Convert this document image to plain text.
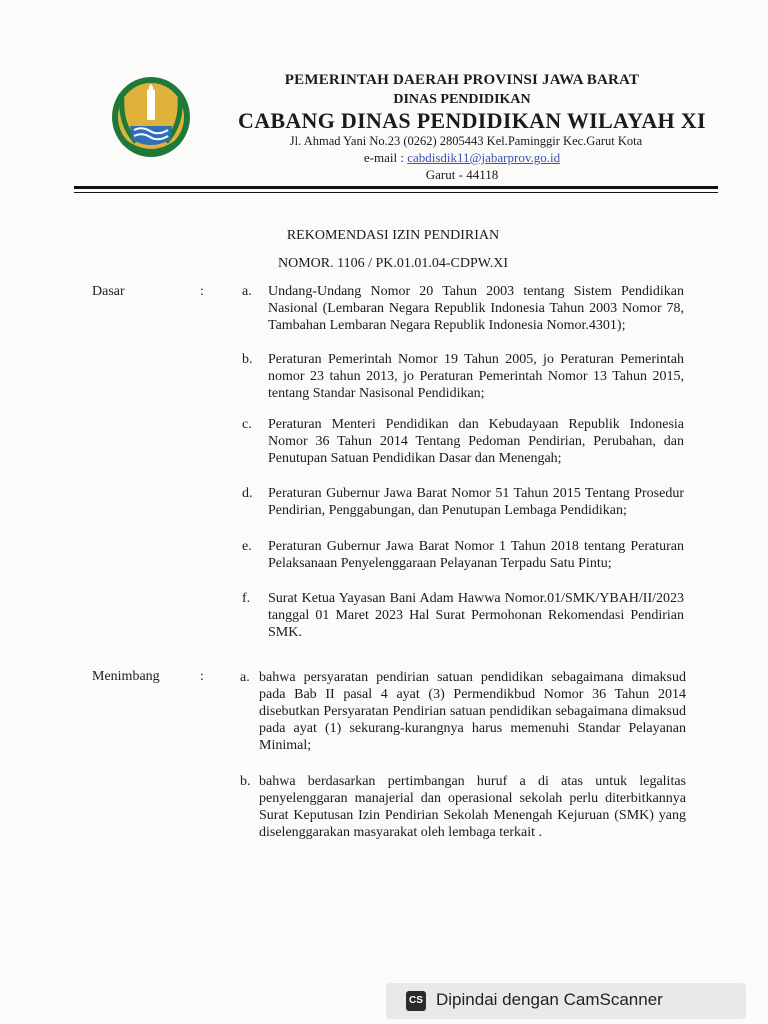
PEMERINTAH DAERAH PROVINSI JAWA BARAT
DINAS PENDIDIKAN
CABANG DINAS PENDIDIKAN WILAYAH XI
Jl. Ahmad Yani No.23 (0262) 2805443 Kel.Paminggir Kec.Garut Kota
e-mail : cabdisdik11@jabarprov.go.id
Garut - 44118
REKOMENDASI IZIN PENDIRIAN
NOMOR. 1106 / PK.01.01.04-CDPW.XI
Dasar	:	a. Undang-Undang Nomor 20 Tahun 2003 tentang Sistem Pendidikan Nasional (Lembaran Negara Republik Indonesia Tahun 2003 Nomor 78, Tambahan Lembaran Negara Republik Indonesia Nomor.4301);
b. Peraturan Pemerintah Nomor 19 Tahun 2005, jo Peraturan Pemerintah nomor 23 tahun 2013, jo Peraturan Pemerintah Nomor 13 Tahun 2015, tentang Standar Nasisonal Pendidikan;
c. Peraturan Menteri Pendidikan dan Kebudayaan Republik Indonesia Nomor 36 Tahun 2014 Tentang Pedoman Pendirian, Perubahan, dan Penutupan Satuan Pendidikan Dasar dan Menengah;
d. Peraturan Gubernur Jawa Barat Nomor 51 Tahun 2015 Tentang Prosedur Pendirian, Penggabungan, dan Penutupan Lembaga Pendidikan;
e. Peraturan Gubernur Jawa Barat Nomor 1 Tahun 2018 tentang Peraturan Pelaksanaan Penyelenggaraan Pelayanan Terpadu Satu Pintu;
f. Surat Ketua Yayasan Bani Adam Hawwa Nomor.01/SMK/YBAH/II/2023 tanggal 01 Maret 2023 Hal Surat Permohonan Rekomendasi Pendirian SMK.
Menimbang	:	a. bahwa persyaratan pendirian satuan pendidikan sebagaimana dimaksud pada Bab II pasal 4 ayat (3) Permendikbud Nomor 36 Tahun 2014 disebutkan Persyaratan Pendirian satuan pendidikan sebagaimana dimaksud pada ayat (1) sekurang-kurangnya harus memenuhi Standar Pelayanan Minimal;
b. bahwa berdasarkan pertimbangan huruf a di atas untuk legalitas penyelenggaran manajerial dan operasional sekolah perlu diterbitkannya Surat Keputusan Izin Pendirian Sekolah Menengah Kejuruan (SMK) yang diselenggarakan masyarakat oleh lembaga terkait .
CS Dipindai dengan CamScanner
